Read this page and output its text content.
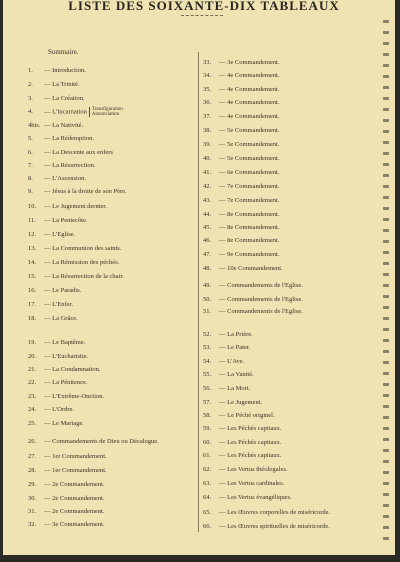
LISTE DES SOIXANTE-DIX TABLEAUX
Sommaire.
1. — Introduction.
2. — La Trinité.
3. — La Création.
4. — L'Incarnation Transfiguration
Annonciation
4bis. — La Nativité.
5. — La Rédemption.
6. — La Descente aux enfers
7. — La Résurrection.
8. — L'Ascension.
9. — Jésus à la droite de son Père.
10. — Le Jugement dernier.
11. — La Pentecôte.
12. — L'Eglise.
13. — La Communion des saints.
14. — La Rémission des péchés.
15. — La Résurrection de la chair.
16. — Le Paradis.
17. — L'Enfer.
18. — La Grâce.
19. — Le Baptême.
20. — L'Eucharistie.
21. — La Condamnation.
22. — La Pénitence.
23. — L'Extrême-Onction.
24. — L'Ordre.
25. — Le Mariage.
26. — Commandements de Dieu ou Décalogue.
27. — 1er Commandement.
28. — 1er Commandement.
29. — 2e Commandement.
30. — 2e Commandement.
31. — 2e Commandement.
32. — 3e Commandement.
33. — 3e Commandement.
34. — 4e Commandement.
35. — 4e Commandement.
36. — 4e Commandement.
37. — 4e Commandement.
38. — 5e Commandement.
39. — 5e Commandement.
40. — 5e Commandement.
41. — 6e Commandement.
42. — 7e Commandement.
43. — 7e Commandement.
44. — 8e Commandement.
45. — 8e Commandement.
46. — 8e Commandement.
47. — 9e Commandement.
48. — 10e Commandement.
49. — Commandements de l'Eglise.
50. — Commandements de l'Eglise.
51. — Commandements de l'Eglise.
52. — La Prière.
53. — Le Pater.
54. — L'Ave.
55. — La Vanité.
56. — La Mort.
57. — Le Jugement.
58. — Le Péché originel.
59. — Les Péchés capitaux.
60. — Les Péchés capitaux.
61. — Les Péchés capitaux.
62. — Les Vertus théologales.
63. — Les Vertus cardinales.
64. — Les Vertus évangéliques.
65. — Les Œuvres corporelles de miséricorde.
66. — Les Œuvres spirituelles de miséricorde.
